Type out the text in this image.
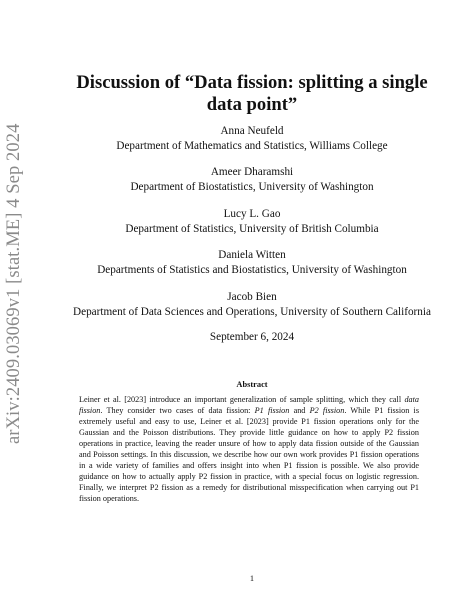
arXiv:2409.03069v1 [stat.ME] 4 Sep 2024
Discussion of “Data fission: splitting a single
data point”
Anna Neufeld
Department of Mathematics and Statistics, Williams College
Ameer Dharamshi
Department of Biostatistics, University of Washington
Lucy L. Gao
Department of Statistics, University of British Columbia
Daniela Witten
Departments of Statistics and Biostatistics, University of Washington
Jacob Bien
Department of Data Sciences and Operations, University of Southern California
September 6, 2024
Abstract

Leiner et al. [2023] introduce an important generalization of sample splitting, which they call data fission. They consider two cases of data fission: P1 fission and P2 fission. While P1 fission is extremely useful and easy to use, Leiner et al. [2023] provide P1 fission operations only for the Gaussian and the Poisson distributions. They provide little guidance on how to apply P2 fission operations in practice, leaving the reader unsure of how to apply data fission outside of the Gaussian and Poisson settings. In this discussion, we describe how our own work provides P1 fission operations in a wide variety of families and offers insight into when P1 fission is possible. We also provide guidance on how to actually apply P2 fission in practice, with a special focus on logistic regression. Finally, we interpret P2 fission as a remedy for distributional misspecification when carrying out P1 fission operations.

1
